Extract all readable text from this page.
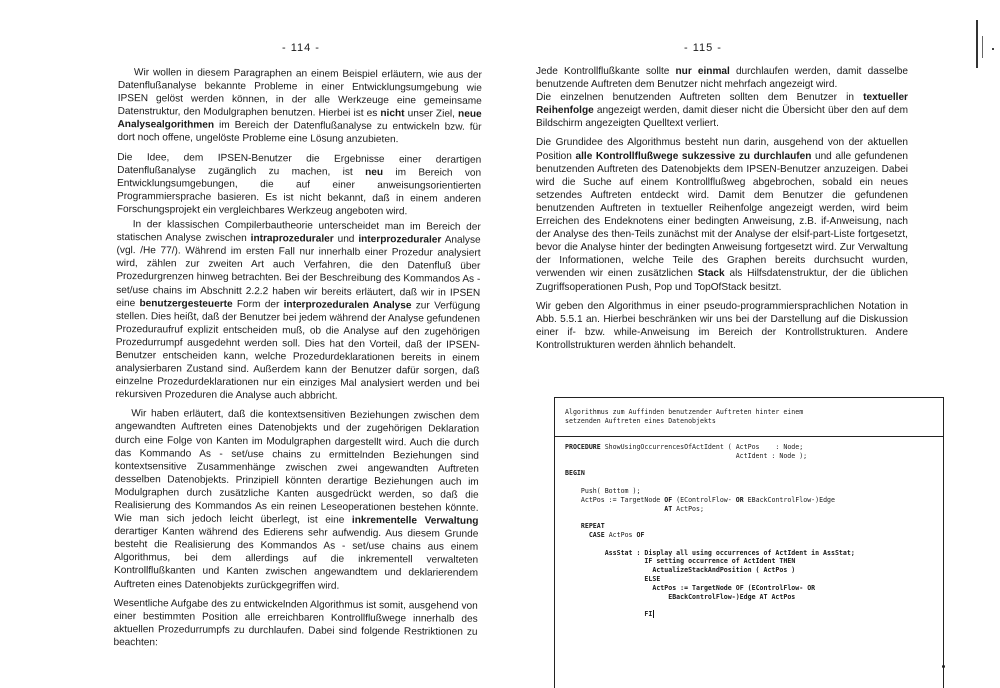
- 114 -

Wir wollen in diesem Paragraphen an einem Beispiel erläutern, wie aus der Datenflußanalyse bekannte Probleme in einer Entwicklungsumgebung wie IPSEN gelöst werden können, in der alle Werkzeuge eine gemeinsame Datenstruktur, den Modulgraphen benutzen. Hierbei ist es nicht unser Ziel, neue Analysealgorithmen im Bereich der Datenflußanalyse zu entwickeln bzw. für dort noch offene, ungelöste Probleme eine Lösung anzubieten.

Die Idee, dem IPSEN-Benutzer die Ergebnisse einer derartigen Datenflußanalyse zugänglich zu machen, ist neu im Bereich von Entwicklungsumgebungen, die auf einer anweisungsorientierten Programmiersprache basieren. Es ist nicht bekannt, daß in einem anderen Forschungsprojekt ein vergleichbares Werkzeug angeboten wird.

In der klassischen Compilerbautheorie unterscheidet man im Bereich der statischen Analyse zwischen intraprozeduraler und interprozeduraler Analyse (vgl. /He 77/). Während im ersten Fall nur innerhalb einer Prozedur analysiert wird, zählen zur zweiten Art auch Verfahren, die den Datenfluß über Prozedurgrenzen hinweg betrachten. Bei der Beschreibung des Kommandos As - set/use chains im Abschnitt 2.2.2 haben wir bereits erläutert, daß wir in IPSEN eine benutzergesteuerte Form der interprozeduralen Analyse zur Verfügung stellen. Dies heißt, daß der Benutzer bei jedem während der Analyse gefundenen Prozeduraufruf explizit entscheiden muß, ob die Analyse auf den zugehörigen Prozedurrumpf ausgedehnt werden soll. Dies hat den Vorteil, daß der IPSEN-Benutzer entscheiden kann, welche Prozedurdeklarationen bereits in einem analysierbaren Zustand sind. Außerdem kann der Benutzer dafür sorgen, daß einzelne Prozedurdeklarationen nur ein einziges Mal analysiert werden und bei rekursiven Prozeduren die Analyse auch abbricht.

Wir haben erläutert, daß die kontextsensitiven Beziehungen zwischen dem angewandten Auftreten eines Datenobjekts und der zugehörigen Deklaration durch eine Folge von Kanten im Modulgraphen dargestellt wird. Auch die durch das Kommando As - set/use chains zu ermittelnden Beziehungen sind kontextsensitive Zusammenhänge zwischen zwei angewandten Auftreten desselben Datenobjekts. Prinzipiell könnten derartige Beziehungen auch im Modulgraphen durch zusätzliche Kanten ausgedrückt werden, so daß die Realisierung des Kommandos As ein reinen Leseoperationen bestehen könnte. Wie man sich jedoch leicht überlegt, ist eine inkrementelle Verwaltung derartiger Kanten während des Edierens sehr aufwendig. Aus diesem Grunde besteht die Realisierung des Kommandos As - set/use chains aus einem Algorithmus, bei dem allerdings auf die inkrementell verwalteten Kontrollflußkanten und Kanten zwischen angewandtem und deklarierendem Auftreten eines Datenobjekts zurückgegriffen wird.

Wesentliche Aufgabe des zu entwickelnden Algorithmus ist somit, ausgehend von einer bestimmten Position alle erreichbaren Kontrollflußwege innerhalb des aktuellen Prozedurrumpfs zu durchlaufen. Dabei sind folgende Restriktionen zu beachten:

- 115 -

Jede Kontrollflußkante sollte nur einmal durchlaufen werden, damit dasselbe benutzende Auftreten dem Benutzer nicht mehrfach angezeigt wird.

Die einzelnen benutzenden Auftreten sollten dem Benutzer in textueller Reihenfolge angezeigt werden, damit dieser nicht die Übersicht über den auf dem Bildschirm angezeigten Quelltext verliert.

Die Grundidee des Algorithmus besteht nun darin, ausgehend von der aktuellen Position alle Kontrollflußwege sukzessive zu durchlaufen und alle gefundenen benutzenden Auftreten des Datenobjekts dem IPSEN-Benutzer anzuzeigen. Dabei wird die Suche auf einem Kontrollflußweg abgebrochen, sobald ein neues setzendes Auftreten entdeckt wird. Damit dem Benutzer die gefundenen benutzenden Auftreten in textueller Reihenfolge angezeigt werden, wird beim Erreichen des Endeknotens einer bedingten Anweisung, z.B. if-Anweisung, nach der Analyse des then-Teils zunächst mit der Analyse der elsif-part-Liste fortgesetzt, bevor die Analyse hinter der bedingten Anweisung fortgesetzt wird. Zur Verwaltung der Informationen, welche Teile des Graphen bereits durchsucht wurden, verwenden wir einen zusätzlichen Stack als Hilfsdatenstruktur, der die üblichen Zugriffsoperationen Push, Pop und TopOfStack besitzt.

Wir geben den Algorithmus in einer pseudo-programmiersprachlichen Notation in Abb. 5.5.1 an. Hierbei beschränken wir uns bei der Darstellung auf die Diskussion einer if- bzw. while-Anweisung im Bereich der Kontrollstrukturen. Andere Kontrollstrukturen werden ähnlich behandelt.

Algorithmus zum Auffinden benutzender Auftreten hinter einem
setzenden Auftreten eines Datenobjekts
PROCEDURE ShowUsingOccurrencesOfActIdent ( ActPos    : Node;
ActIdent : Node );

BEGIN

Push( Bottom );
ActPos := TargetNode OF (EControlFlow- OR EBackControlFlow-)Edge
AT ActPos;

REPEAT
CASE ActPos OF

AssStat : Display all using occurrences of ActIdent in AssStat;
IF setting occurrence of ActIdent THEN
ActualizeStackAndPosition ( ActPos )
ELSE
ActPos := TargetNode OF (EControlFlow- OR
EBackControlFlow-)Edge AT ActPos

FI
